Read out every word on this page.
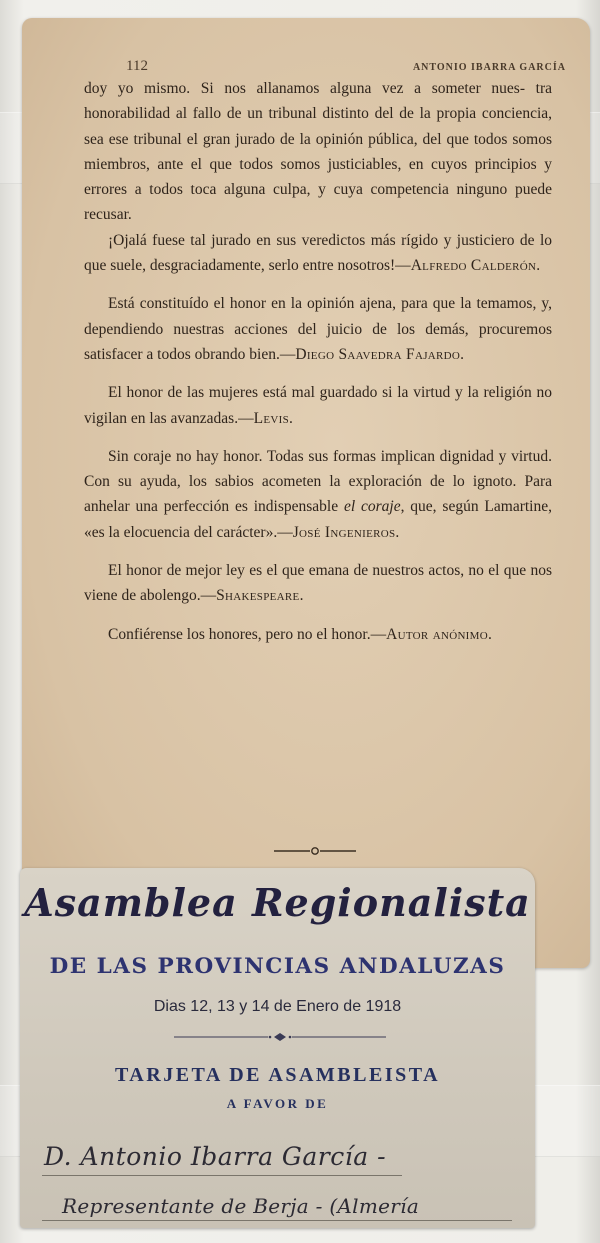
112	ANTONIO IBARRA GARCÍA

doy yo mismo. Si nos allanamos alguna vez a someter nues- tra honorabilidad al fallo de un tribunal distinto del de la propia conciencia, sea ese tribunal el gran jurado de la opinión pública, del que todos somos miembros, ante el que todos somos justiciables, en cuyos principios y errores a todos toca alguna culpa, y cuya competencia ninguno puede recusar.

¡Ojalá fuese tal jurado en sus veredictos más rígido y justiciero de lo que suele, desgraciadamente, serlo entre nosotros!—Alfredo Calderón.

Está constituído el honor en la opinión ajena, para que la temamos, y, dependiendo nuestras acciones del juicio de los demás, procuremos satisfacer a todos obrando bien.—Diego Saavedra Fajardo.

El honor de las mujeres está mal guardado si la virtud y la religión no vigilan en las avanzadas.—Levis.

Sin coraje no hay honor. Todas sus formas implican dignidad y virtud. Con su ayuda, los sabios acometen la exploración de lo ignoto. Para anhelar una perfección es indispensable el coraje, que, según Lamartine, «es la elocuencia del carácter».—José Ingenieros.

El honor de mejor ley es el que emana de nuestros actos, no el que nos viene de abolengo.—Shakespeare.

Confiérense los honores, pero no el honor.—Autor anónimo.

Asamblea Regionalista
DE LAS PROVINCIAS ANDALUZAS
Dias 12, 13 y 14 de Enero de 1918
TARJETA DE ASAMBLEISTA
A FAVOR DE
D. Antonio Ibarra García -
Representante de Berja - (Almería
